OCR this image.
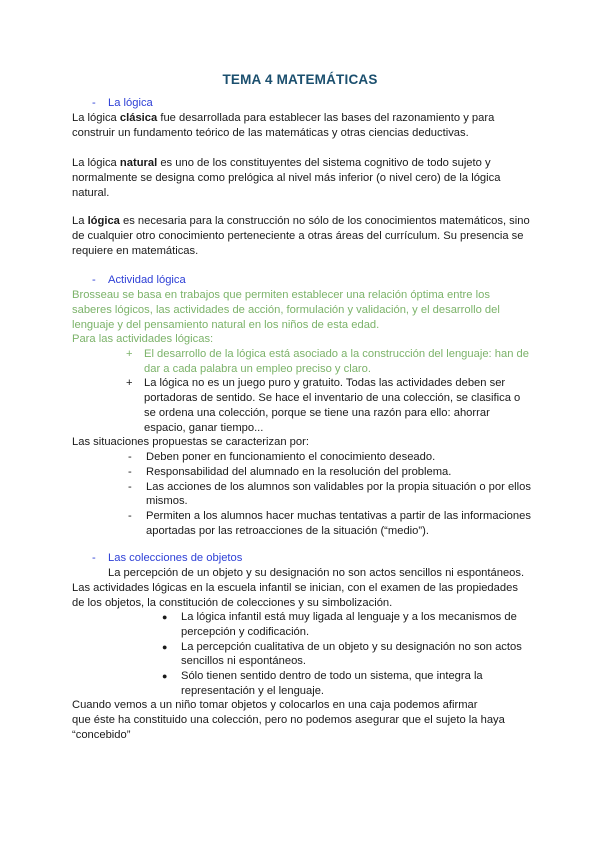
TEMA 4 MATEMÁTICAS
- La lógica
La lógica clásica fue desarrollada para establecer las bases del razonamiento y para
construir un fundamento teórico de las matemáticas y otras ciencias deductivas.
La lógica natural es uno de los constituyentes del sistema cognitivo de todo sujeto y
normalmente se designa como prelógica al nivel más inferior (o nivel cero) de la lógica
natural.
La lógica es necesaria para la construcción no sólo de los conocimientos matemáticos, sino
de cualquier otro conocimiento perteneciente a otras áreas del currículum. Su presencia se
requiere en matemáticas.
- Actividad lógica
Brosseau se basa en trabajos que permiten establecer una relación óptima entre los
saberes lógicos, las actividades de acción, formulación y validación, y el desarrollo del
lenguaje y del pensamiento natural en los niños de esta edad.
Para las actividades lógicas:
+ El desarrollo de la lógica está asociado a la construcción del lenguaje: han de
dar a cada palabra un empleo preciso y claro.
+ La lógica no es un juego puro y gratuito. Todas las actividades deben ser
portadoras de sentido. Se hace el inventario de una colección, se clasifica o
se ordena una colección, porque se tiene una razón para ello: ahorrar
espacio, ganar tiempo...
Las situaciones propuestas se caracterizan por:
- Deben poner en funcionamiento el conocimiento deseado.
- Responsabilidad del alumnado en la resolución del problema.
- Las acciones de los alumnos son validables por la propia situación o por ellos
mismos.
- Permiten a los alumnos hacer muchas tentativas a partir de las informaciones
aportadas por las retroacciones de la situación (“medio”).
- Las colecciones de objetos
La percepción de un objeto y su designación no son actos sencillos ni espontáneos.
Las actividades lógicas en la escuela infantil se inician, con el examen de las propiedades
de los objetos, la constitución de colecciones y su simbolización.
● La lógica infantil está muy ligada al lenguaje y a los mecanismos de
percepción y codificación.
● La percepción cualitativa de un objeto y su designación no son actos
sencillos ni espontáneos.
● Sólo tienen sentido dentro de todo un sistema, que integra la
representación y el lenguaje.
Cuando vemos a un niño tomar objetos y colocarlos en una caja podemos afirmar
que éste ha constituido una colección, pero no podemos asegurar que el sujeto la haya
“concebido”
